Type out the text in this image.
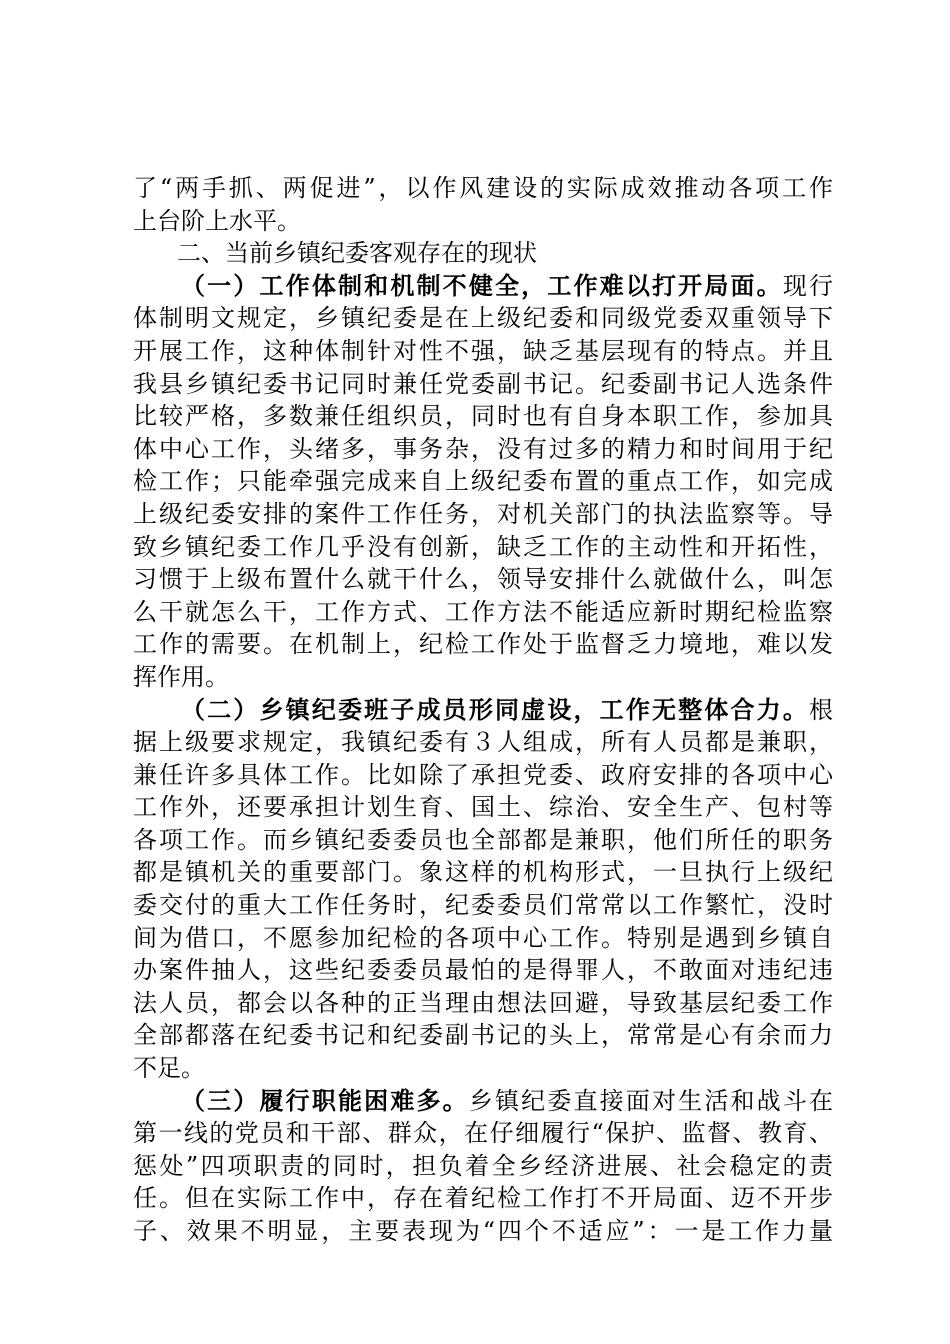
了“两手抓、两促进”，以作风建设的实际成效推动各项工作
上台阶上水平。
二、当前乡镇纪委客观存在的现状
（一）工作体制和机制不健全，工作难以打开局面。现行
体制明文规定，乡镇纪委是在上级纪委和同级党委双重领导下
开展工作，这种体制针对性不强，缺乏基层现有的特点。并且
我县乡镇纪委书记同时兼任党委副书记。纪委副书记人选条件
比较严格，多数兼任组织员，同时也有自身本职工作，参加具
体中心工作，头绪多，事务杂，没有过多的精力和时间用于纪
检工作；只能牵强完成来自上级纪委布置的重点工作，如完成
上级纪委安排的案件工作任务，对机关部门的执法监察等。导
致乡镇纪委工作几乎没有创新，缺乏工作的主动性和开拓性，
习惯于上级布置什么就干什么，领导安排什么就做什么，叫怎
么干就怎么干，工作方式、工作方法不能适应新时期纪检监察
工作的需要。在机制上，纪检工作处于监督乏力境地，难以发
挥作用。
（二）乡镇纪委班子成员形同虚设，工作无整体合力。根
据上级要求规定，我镇纪委有３人组成，所有人员都是兼职，
兼任许多具体工作。比如除了承担党委、政府安排的各项中心
工作外，还要承担计划生育、国土、综治、安全生产、包村等
各项工作。而乡镇纪委委员也全部都是兼职，他们所任的职务
都是镇机关的重要部门。象这样的机构形式，一旦执行上级纪
委交付的重大工作任务时，纪委委员们常常以工作繁忙，没时
间为借口，不愿参加纪检的各项中心工作。特别是遇到乡镇自
办案件抽人，这些纪委委员最怕的是得罪人，不敢面对违纪违
法人员，都会以各种的正当理由想法回避，导致基层纪委工作
全部都落在纪委书记和纪委副书记的头上，常常是心有余而力
不足。
（三）履行职能困难多。乡镇纪委直接面对生活和战斗在
第一线的党员和干部、群众，在仔细履行“保护、监督、教育、
惩处”四项职责的同时，担负着全乡经济进展、社会稳定的责
任。但在实际工作中，存在着纪检工作打不开局面、迈不开步
子、效果不明显，主要表现为“四个不适应”：一是工作力量
